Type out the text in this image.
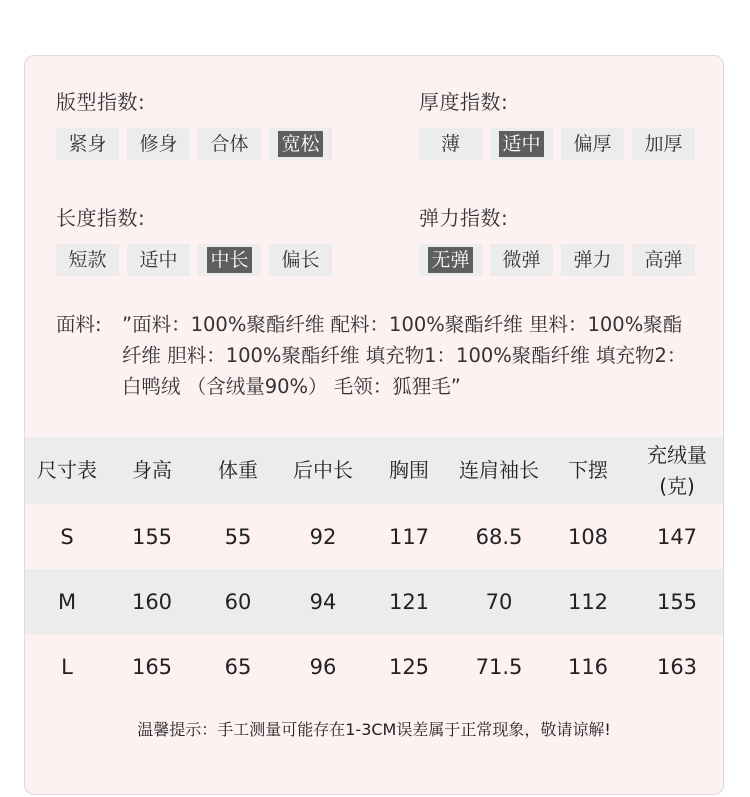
版型指数:
紧身 修身 合体 宽松
厚度指数:
薄 适中 偏厚 加厚
长度指数:
短款 适中 中长 偏长
弹力指数:
无弹 微弹 弹力 高弹
面料: ”面料：100%聚酯纤维 配料：100%聚酯纤维 里料：100%聚酯纤维 胆料：100%聚酯纤维 填充物1：100%聚酯纤维 填充物2：白鸭绒 （含绒量90%） 毛领：狐狸毛”
尺寸表	身高	体重	后中长	胸围	连肩袖长	下摆	充绒量
(克)

S	155	55	92	117	68.5	108	147
M	160	60	94	121	70	112	155
L	165	65	96	125	71.5	116	163
温馨提示：手工测量可能存在1-3CM误差属于正常现象，敬请谅解!
